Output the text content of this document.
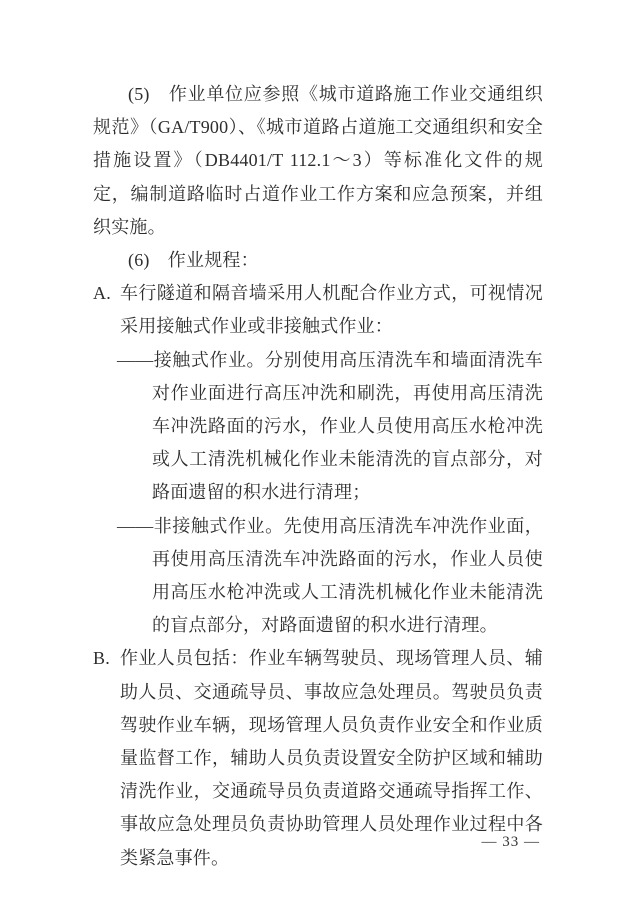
(5)　作业单位应参照《城市道路施工作业交通组织规范》（GA/T900）、《城市道路占道施工交通组织和安全措施设置》（DB4401/T 112.1～3）等标准化文件的规定，编制道路临时占道作业工作方案和应急预案，并组织实施。

(6)　作业规程：

A. 车行隧道和隔音墙采用人机配合作业方式，可视情况采用接触式作业或非接触式作业：

——接触式作业。分别使用高压清洗车和墙面清洗车对作业面进行高压冲洗和刷洗，再使用高压清洗车冲洗路面的污水，作业人员使用高压水枪冲洗或人工清洗机械化作业未能清洗的盲点部分，对路面遗留的积水进行清理；

——非接触式作业。先使用高压清洗车冲洗作业面，再使用高压清洗车冲洗路面的污水，作业人员使用高压水枪冲洗或人工清洗机械化作业未能清洗的盲点部分，对路面遗留的积水进行清理。

B. 作业人员包括：作业车辆驾驶员、现场管理人员、辅助人员、交通疏导员、事故应急处理员。驾驶员负责驾驶作业车辆，现场管理人员负责作业安全和作业质量监督工作，辅助人员负责设置安全防护区域和辅助清洗作业，交通疏导员负责道路交通疏导指挥工作、事故应急处理员负责协助管理人员处理作业过程中各类紧急事件。

— 33 —
